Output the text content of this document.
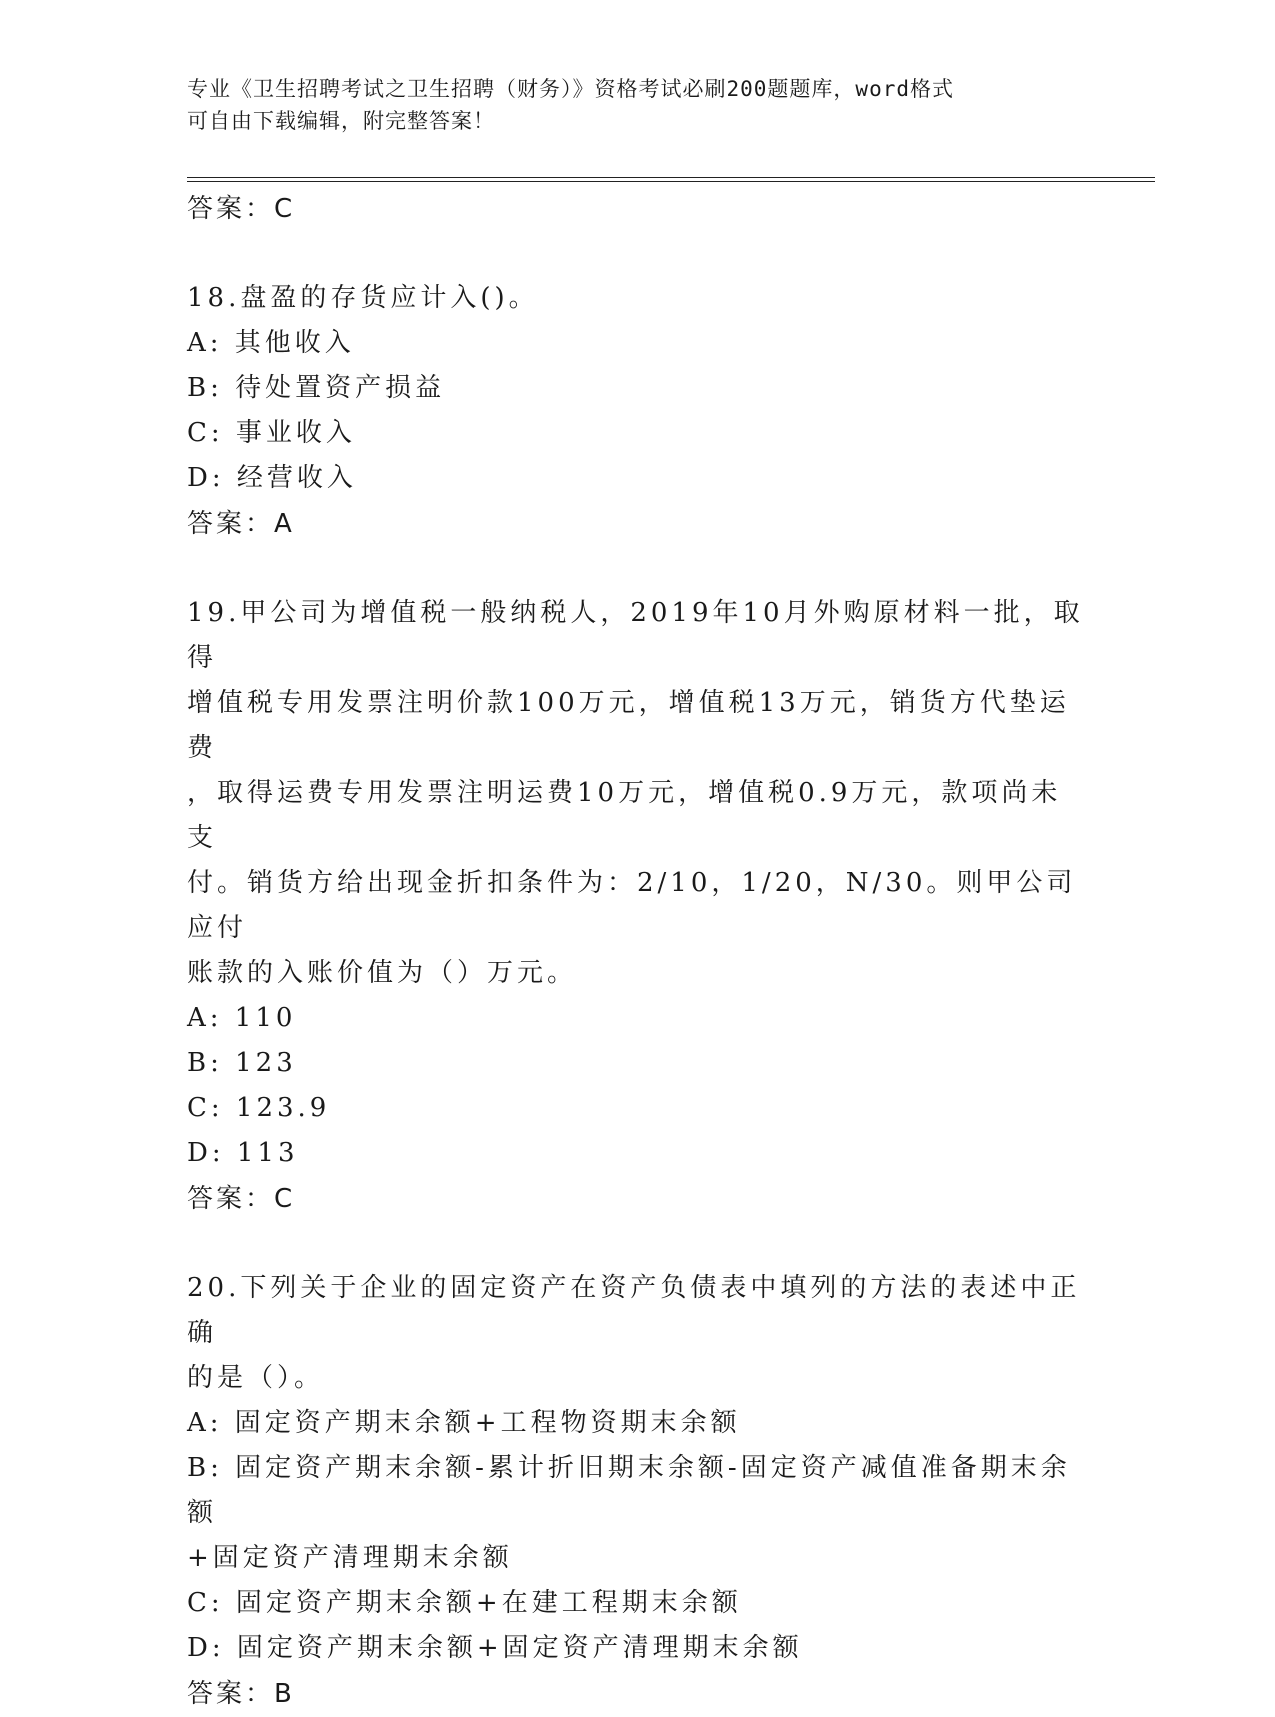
专业《卫生招聘考试之卫生招聘（财务）》资格考试必刷200题题库，word格式
可自由下载编辑，附完整答案！
答案：C
18.盘盈的存货应计入()。
A: 其他收入
B: 待处置资产损益
C: 事业收入
D: 经营收入
答案：A
19.甲公司为增值税一般纳税人，2019年10月外购原材料一批，取得
增值税专用发票注明价款100万元，增值税13万元，销货方代垫运费
，取得运费专用发票注明运费10万元，增值税0.9万元，款项尚未支
付。销货方给出现金折扣条件为：2/10，1/20，N/30。则甲公司应付
账款的入账价值为（）万元。
A: 110
B: 123
C: 123.9
D: 113
答案：C
20.下列关于企业的固定资产在资产负债表中填列的方法的表述中正确
的是（）。
A: 固定资产期末余额+工程物资期末余额
B: 固定资产期末余额-累计折旧期末余额-固定资产减值准备期末余额
+固定资产清理期末余额
C: 固定资产期末余额+在建工程期末余额
D: 固定资产期末余额+固定资产清理期末余额
答案：B
